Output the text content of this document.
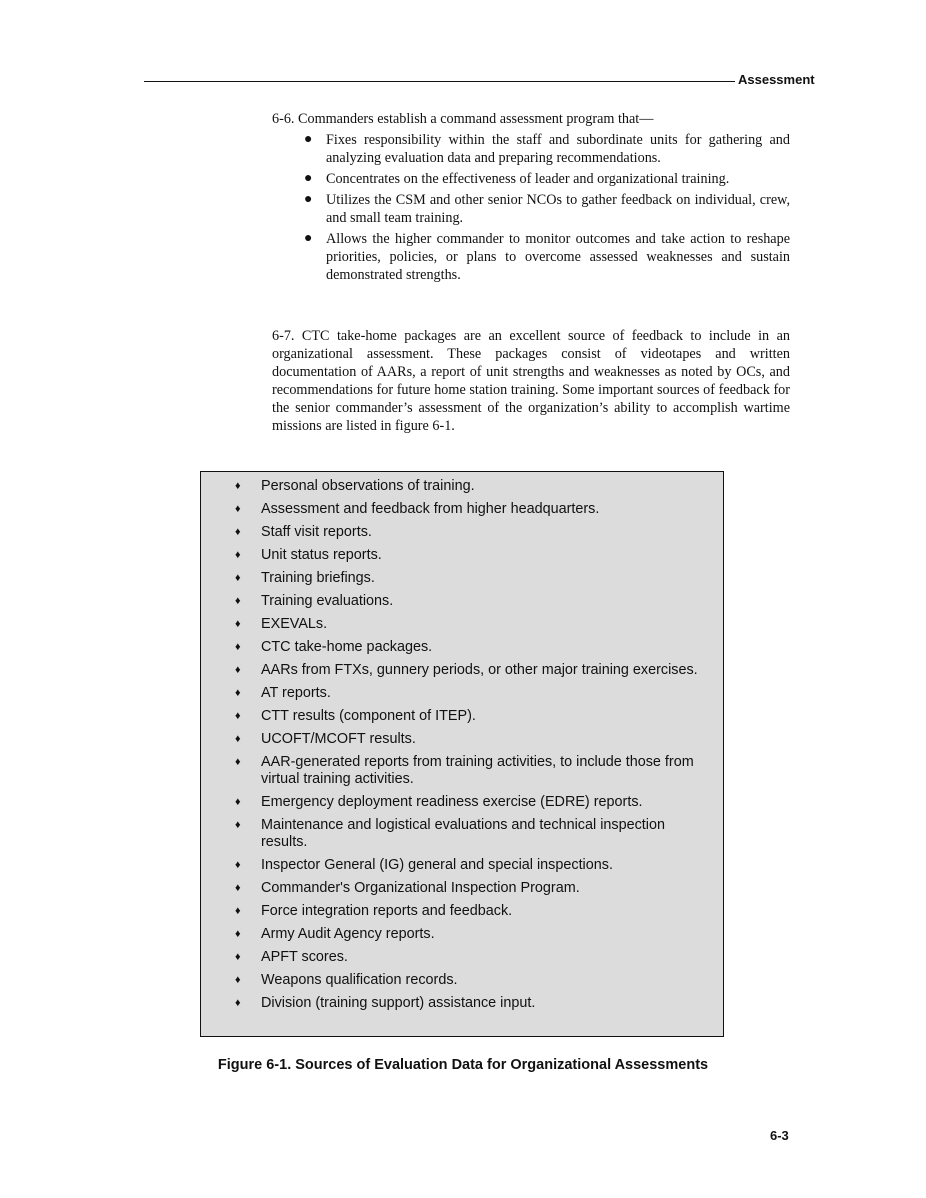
Assessment
6-6. Commanders establish a command assessment program that—
● Fixes responsibility within the staff and subordinate units for gathering and analyzing evaluation data and preparing recommendations.
● Concentrates on the effectiveness of leader and organizational training.
● Utilizes the CSM and other senior NCOs to gather feedback on individual, crew, and small team training.
● Allows the higher commander to monitor outcomes and take action to reshape priorities, policies, or plans to overcome assessed weaknesses and sustain demonstrated strengths.
6-7. CTC take-home packages are an excellent source of feedback to include in an organizational assessment. These packages consist of videotapes and written documentation of AARs, a report of unit strengths and weaknesses as noted by OCs, and recommendations for future home station training. Some important sources of feedback for the senior commander’s assessment of the organization’s ability to accomplish wartime missions are listed in figure 6-1.
♦ Personal observations of training.
♦ Assessment and feedback from higher headquarters.
♦ Staff visit reports.
♦ Unit status reports.
♦ Training briefings.
♦ Training evaluations.
♦ EXEVALs.
♦ CTC take-home packages.
♦ AARs from FTXs, gunnery periods, or other major training exercises.
♦ AT reports.
♦ CTT results (component of ITEP).
♦ UCOFT/MCOFT results.
♦ AAR-generated reports from training activities, to include those from virtual training activities.
♦ Emergency deployment readiness exercise (EDRE) reports.
♦ Maintenance and logistical evaluations and technical inspection results.
♦ Inspector General (IG) general and special inspections.
♦ Commander's Organizational Inspection Program.
♦ Force integration reports and feedback.
♦ Army Audit Agency reports.
♦ APFT scores.
♦ Weapons qualification records.
♦ Division (training support) assistance input.
Figure 6-1. Sources of Evaluation Data for Organizational Assessments
6-3
